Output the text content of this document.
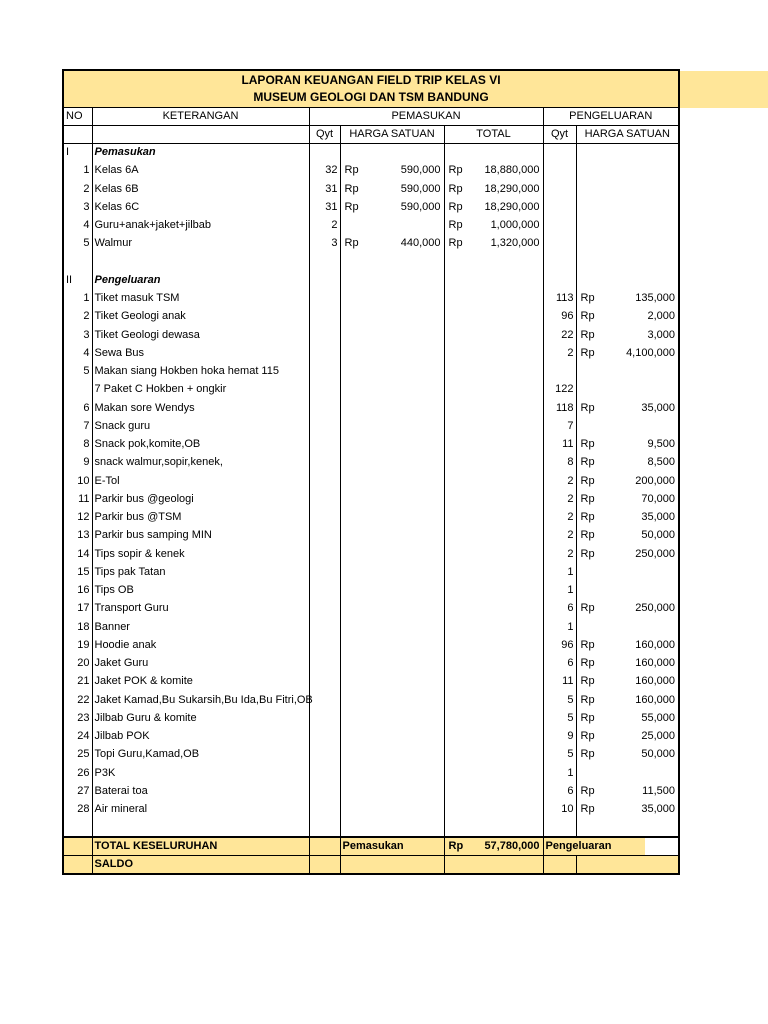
LAPORAN KEUANGAN FIELD TRIP KELAS VI
MUSEUM GEOLOGI DAN TSM BANDUNG

NO	KETERANGAN	PEMASUKAN	PENGELUARAN
		Qyt	HARGA SATUAN	TOTAL	Qyt	HARGA SATUAN
I	Pemasukan					
1	Kelas 6A	32	Rp	590,000	Rp 18,880,000

2	Kelas 6B	31	Rp	590,000	Rp 18,290,000

3	Kelas 6C	31	Rp	590,000	Rp 18,290,000

4	Guru+anak+jaket+jilbab	2		Rp	1,000,000

5	Walmur	3	Rp	440,000	Rp	1,320,000

II	Pengeluaran					
1	Tiket masuk TSM				113	Rp	135,000

2	Tiket Geologi anak				96	Rp	2,000

3	Tiket Geologi dewasa				22	Rp	3,000

4	Sewa Bus				2	Rp	4,100,000

5	Makan siang Hokben hoka hemat 115					

	7 Paket C Hokben + ongkir				122	

6	Makan sore Wendys				118	Rp	35,000

7	Snack guru				7	

8	Snack pok,komite,OB				11	Rp	9,500

9	snack walmur,sopir,kenek,				8	Rp	8,500

10	E-Tol				2	Rp	200,000

11	Parkir bus @geologi				2	Rp	70,000

12	Parkir bus @TSM				2	Rp	35,000

13	Parkir bus samping MIN				2	Rp	50,000

14	Tips sopir & kenek				2	Rp	250,000

15	Tips pak Tatan				1	

16	Tips OB				1	

17	Transport Guru				6	Rp	250,000

18	Banner				1	

19	Hoodie anak				96	Rp	160,000

20	Jaket Guru				6	Rp	160,000

21	Jaket POK & komite				11	Rp	160,000

22	Jaket Kamad,Bu Sukarsih,Bu Ida,Bu Fitri,OB				5	Rp	160,000

23	Jilbab Guru & komite				5	Rp	55,000

24	Jilbab POK				9	Rp	25,000

25	Topi Guru,Kamad,OB				5	Rp	50,000

26	P3K				1	

27	Baterai toa				6	Rp	11,500

28	Air mineral				10	Rp	35,000

	TOTAL KESELURUHAN		Pemasukan	Rp 57,780,000		Pengeluaran
	SALDO					
